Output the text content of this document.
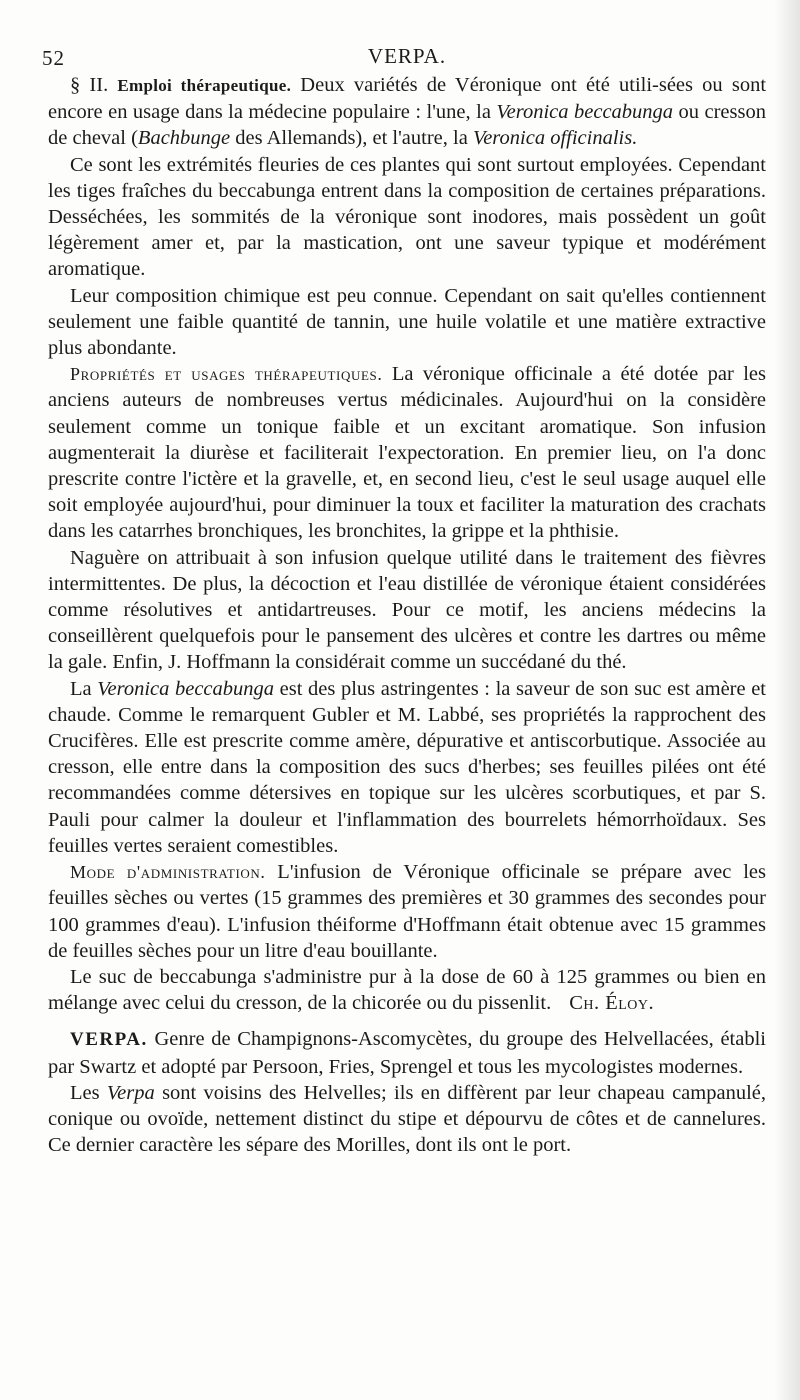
52	VERPA.

§ II. Emploi thérapeutique. Deux variétés de Véronique ont été utili-sées ou sont encore en usage dans la médecine populaire : l'une, la Veronica beccabunga ou cresson de cheval (Bachbunge des Allemands), et l'autre, la Veronica officinalis.

Ce sont les extrémités fleuries de ces plantes qui sont surtout employées. Cependant les tiges fraîches du beccabunga entrent dans la composition de certaines préparations. Desséchées, les sommités de la véronique sont inodores, mais possèdent un goût légèrement amer et, par la mastication, ont une saveur typique et modérément aromatique.

Leur composition chimique est peu connue. Cependant on sait qu'elles contiennent seulement une faible quantité de tannin, une huile volatile et une matière extractive plus abondante.

Propriétés et usages thérapeutiques. La véronique officinale a été dotée par les anciens auteurs de nombreuses vertus médicinales. Aujourd'hui on la considère seulement comme un tonique faible et un excitant aromatique. Son infusion augmenterait la diurèse et faciliterait l'expectoration. En premier lieu, on l'a donc prescrite contre l'ictère et la gravelle, et, en second lieu, c'est le seul usage auquel elle soit employée aujourd'hui, pour diminuer la toux et faciliter la maturation des crachats dans les catarrhes bronchiques, les bronchites, la grippe et la phthisie.

Naguère on attribuait à son infusion quelque utilité dans le traitement des fièvres intermittentes. De plus, la décoction et l'eau distillée de véronique étaient considérées comme résolutives et antidartreuses. Pour ce motif, les anciens médecins la conseillèrent quelquefois pour le pansement des ulcères et contre les dartres ou même la gale. Enfin, J. Hoffmann la considérait comme un succédané du thé.

La Veronica beccabunga est des plus astringentes : la saveur de son suc est amère et chaude. Comme le remarquent Gubler et M. Labbé, ses propriétés la rapprochent des Crucifères. Elle est prescrite comme amère, dépurative et antiscorbutique. Associée au cresson, elle entre dans la composition des sucs d'herbes; ses feuilles pilées ont été recommandées comme détersives en topique sur les ulcères scorbutiques, et par S. Pauli pour calmer la douleur et l'inflammation des bourrelets hémorrhoïdaux. Ses feuilles vertes seraient comestibles.

Mode d'administration. L'infusion de Véronique officinale se prépare avec les feuilles sèches ou vertes (15 grammes des premières et 30 grammes des secondes pour 100 grammes d'eau). L'infusion théiforme d'Hoffmann était obtenue avec 15 grammes de feuilles sèches pour un litre d'eau bouillante.

Le suc de beccabunga s'administre pur à la dose de 60 à 125 grammes ou bien en mélange avec celui du cresson, de la chicorée ou du pissenlit. Ch. Éloy.

VERPA. Genre de Champignons-Ascomycètes, du groupe des Helvellacées, établi par Swartz et adopté par Persoon, Fries, Sprengel et tous les mycologistes modernes.

Les Verpa sont voisins des Helvelles; ils en diffèrent par leur chapeau campanulé, conique ou ovoïde, nettement distinct du stipe et dépourvu de côtes et de cannelures. Ce dernier caractère les sépare des Morilles, dont ils ont le port.
